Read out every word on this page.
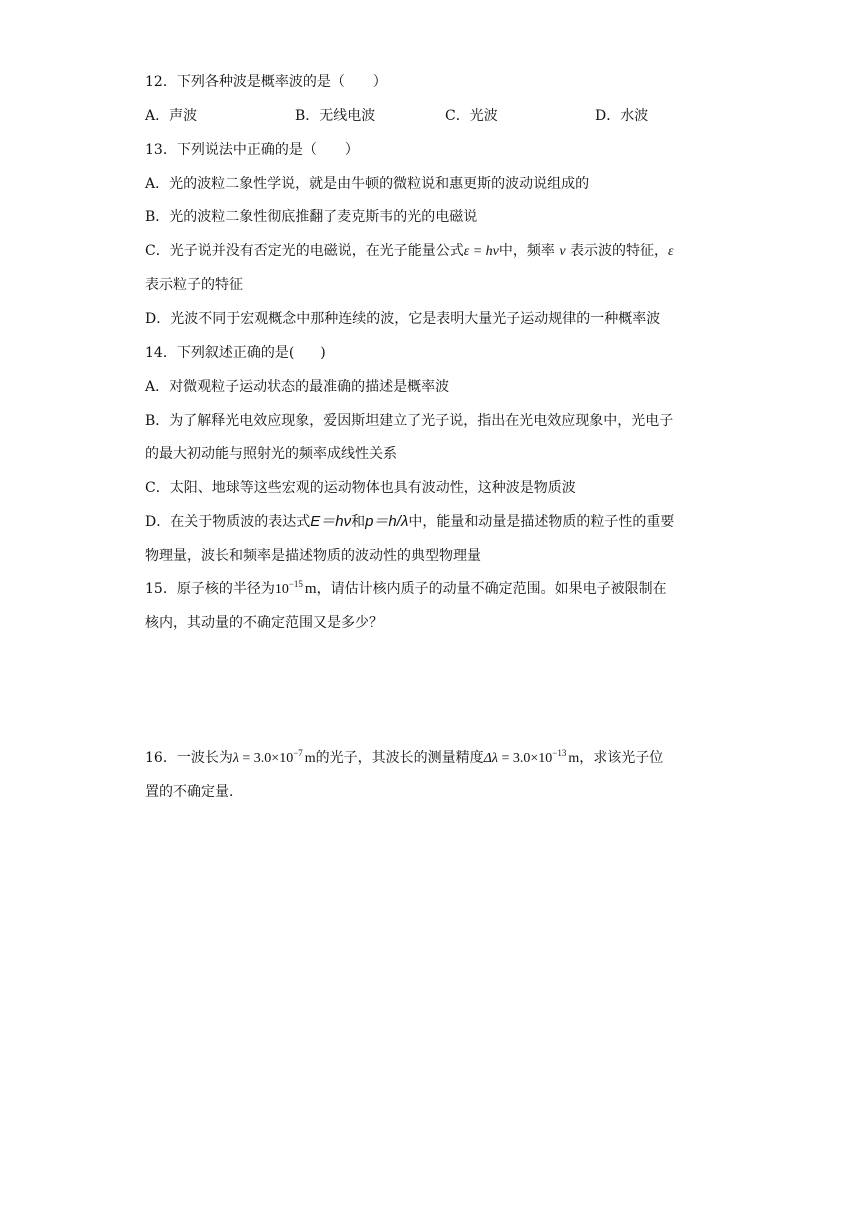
12．下列各种波是概率波的是（　　）
A．声波	B．无线电波	C．光波	D．水波
13．下列说法中正确的是（　　）
A．光的波粒二象性学说，就是由牛顿的微粒说和惠更斯的波动说组成的
B．光的波粒二象性彻底推翻了麦克斯韦的光的电磁说
C．光子说并没有否定光的电磁说，在光子能量公式ε = hν中，频率 ν 表示波的特征，ε
表示粒子的特征
D．光波不同于宏观概念中那种连续的波，它是表明大量光子运动规律的一种概率波
14．下列叙述正确的是( )
A．对微观粒子运动状态的最准确的描述是概率波
B．为了解释光电效应现象，爱因斯坦建立了光子说，指出在光电效应现象中，光电子
的最大初动能与照射光的频率成线性关系
C．太阳、地球等这些宏观的运动物体也具有波动性，这种波是物质波
D．在关于物质波的表达式E＝hν和p＝h/λ中，能量和动量是描述物质的粒子性的重要
物理量，波长和频率是描述物质的波动性的典型物理量
15．原子核的半径为$10^{-15}$ m，请估计核内质子的动量不确定范围。如果电子被限制在
核内，其动量的不确定范围又是多少？
16．一波长为$\lambda = 3.0\times 10^{-7}$ m的光子，其波长的测量精度$\Delta\lambda = 3.0\times 10^{-13}$ m，求该光子位
置的不确定量.
